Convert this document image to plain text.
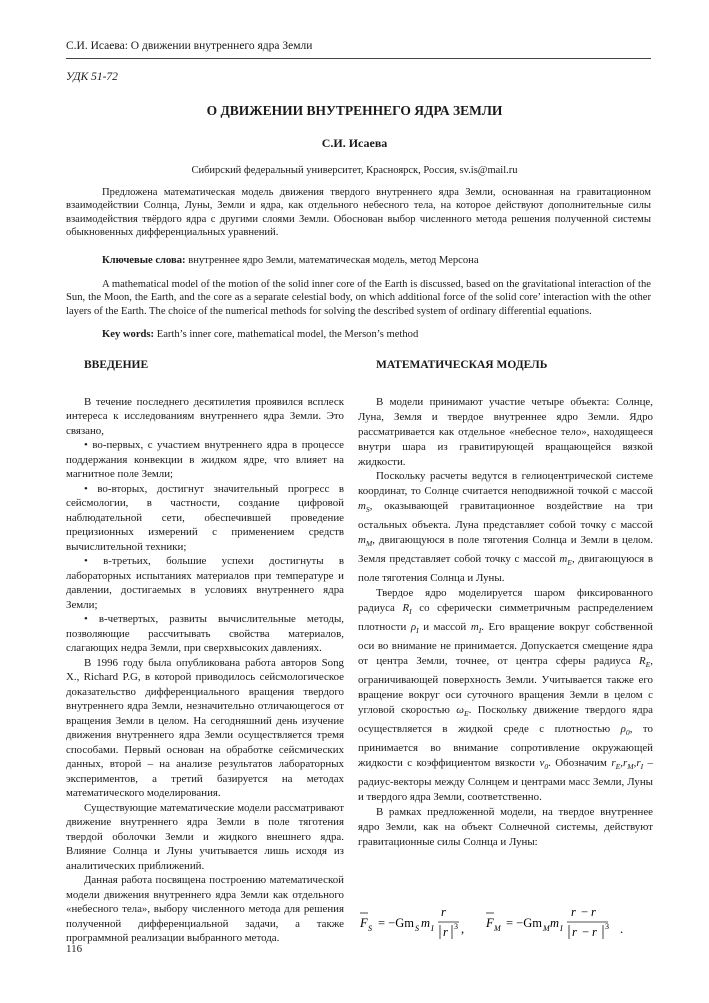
С.И. Исаева: О движении внутреннего ядра Земли
УДК 51-72
О ДВИЖЕНИИ ВНУТРЕННЕГО ЯДРА ЗЕМЛИ
С.И. Исаева
Сибирский федеральный университет, Красноярск, Россия, sv.is@mail.ru
Предложена математическая модель движения твердого внутреннего ядра Земли, основанная на гравитационном взаимодействии Солнца, Луны, Земли и ядра, как отдельного небесного тела, на которое действуют дополнительные силы взаимодействия твёрдого ядра с другими слоями Земли. Обоснован выбор численного метода решения полученной системы обыкновенных дифференциальных уравнений.
Ключевые слова: внутреннее ядро Земли, математическая модель, метод Мерсона
A mathematical model of the motion of the solid inner core of the Earth is discussed, based on the gravitational interaction of the Sun, the Moon, the Earth, and the core as a separate celestial body, on which additional force of the solid core’ interaction with the other layers of the Earth. The choice of the numerical methods for solving the described system of ordinary differential equations.
Key words: Earth’s inner core, mathematical model, the Merson’s method
ВВЕДЕНИЕ

В течение последнего десятилетия проявился всплеск интереса к исследованиям внутреннего ядра Земли. Это связано,

• во-первых, с участием внутреннего ядра в процессе поддержания конвекции в жидком ядре, что влияет на магнитное поле Земли;

• во-вторых, достигнут значительный прогресс в сейсмологии, в частности, создание цифровой наблюдательной сети, обеспечившей проведение прецизионных измерений с применением средств вычислительной техники;

• в-третьих, большие успехи достигнуты в лабораторных испытаниях материалов при температуре и давлении, достигаемых в условиях внутреннего ядра Земли;

• в-четвертых, развиты вычислительные методы, позволяющие рассчитывать свойства материалов, слагающих недра Земли, при сверхвысоких давлениях.

В 1996 году была опубликована работа авторов Song X., Richard P.G, в которой приводилось сейсмологическое доказательство дифференциального вращения твердого внутреннего ядра Земли, незначительно отличающегося от вращения Земли в целом. На сегодняшний день изучение движения внутреннего ядра Земли осуществляется тремя способами. Первый основан на обработке сейсмических данных, второй – на анализе результатов лабораторных экспериментов, а третий базируется на методах математического моделирования.

Существующие математические модели рассматривают движение внутреннего ядра Земли в поле тяготения твердой оболочки Земли и жидкого внешнего ядра. Влияние Солнца и Луны учитывается лишь исходя из аналитических приближений.

Данная работа посвящена построению математической модели движения внутреннего ядра Земли как отдельного «небесного тела», выбору численного метода для решения полученной дифференциальной задачи, а также программной реализации выбранного метода.

МАТЕМАТИЧЕСКАЯ МОДЕЛЬ

В модели принимают участие четыре объекта: Солнце, Луна, Земля и твердое внутреннее ядро Земли. Ядро рассматривается как отдельное «небесное тело», находящееся внутри шара из гравитирующей вращающейся вязкой жидкости.

Поскольку расчеты ведутся в гелиоцентрической системе координат, то Солнце считается неподвижной точкой с массой $m_S$, оказывающей гравитационное воздействие на три остальных объекта. Луна представляет собой точку с массой $m_M$, двигающуюся в поле тяготения Солнца и Земли в целом. Земля представляет собой точку с массой $m_E$, двигающуюся в поле тяготения Солнца и Луны.

Твердое ядро моделируется шаром фиксированного радиуса $R_I$ со сферически симметричным распределением плотности $\rho_I$ и массой $m_I$. Его вращение вокруг собственной оси во внимание не принимается. Допускается смещение ядра от центра Земли, точнее, от центра сферы радиуса $R_E$, ограничивающей поверхность Земли. Учитывается также его вращение вокруг оси суточного вращения Земли в целом с угловой скоростью $\omega_E$. Поскольку движение твердого ядра осуществляется в жидкой среде с плотностью $\rho_0$, то принимается во внимание сопротивление окружающей жидкости с коэффициентом вязкости $\nu_0$. Обозначим $r_E,r_M,r_I$ – радиус-векторы между Солнцем и центрами масс Земли, Луны и твердого ядра Земли, соответственно.

В рамках предложенной модели, на твердое внутреннее ядро Земли, как на объект Солнечной системы, действуют гравитационные силы Солнца и Луны:

F S = −Gm S m I
r
r 3 , F M = −Gm M m I
r − r
r − r 3 .
116
